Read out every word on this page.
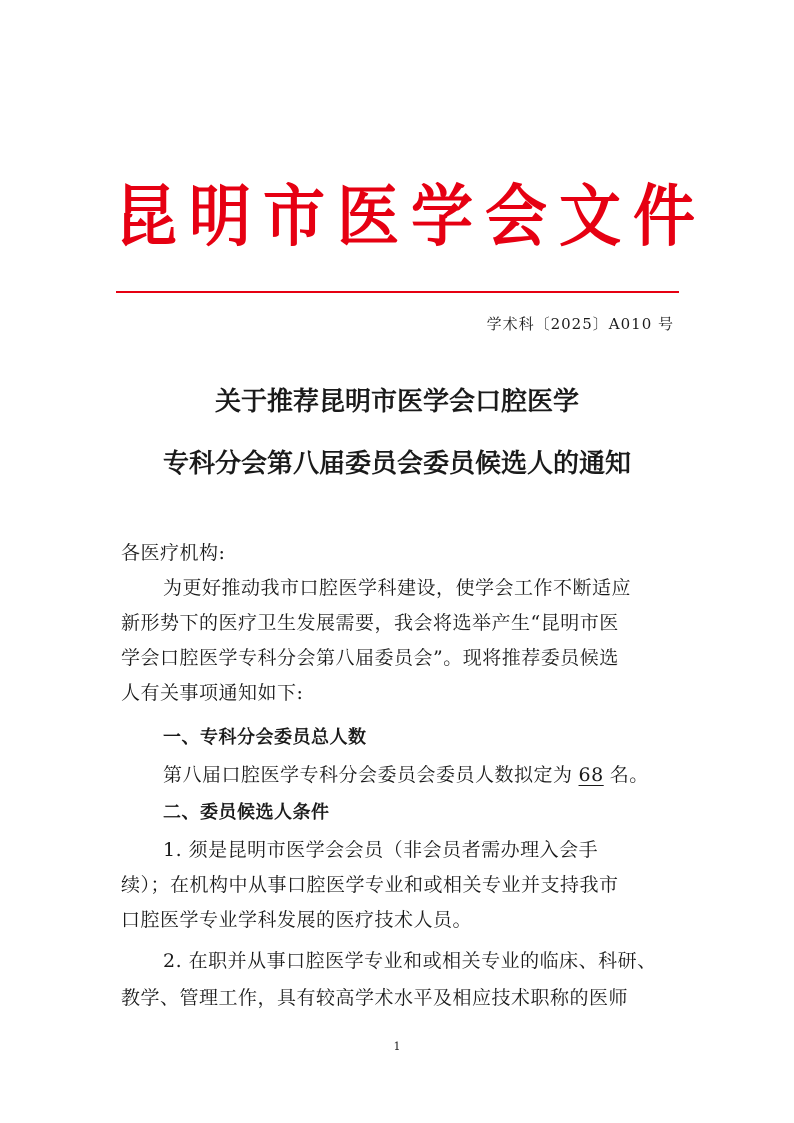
昆明市医学会文件
学术科〔2025〕A010 号
关于推荐昆明市医学会口腔医学
专科分会第八届委员会委员候选人的通知
各医疗机构:
为更好推动我市口腔医学科建设，使学会工作不断适应
新形势下的医疗卫生发展需要，我会将选举产生“昆明市医
学会口腔医学专科分会第八届委员会”。现将推荐委员候选
人有关事项通知如下:
一、专科分会委员总人数
第八届口腔医学专科分会委员会委员人数拟定为 68 名。
二、委员候选人条件
1. 须是昆明市医学会会员（非会员者需办理入会手
续）；在机构中从事口腔医学专业和或相关专业并支持我市
口腔医学专业学科发展的医疗技术人员。
2. 在职并从事口腔医学专业和或相关专业的临床、科研、
教学、管理工作，具有较高学术水平及相应技术职称的医师
1
